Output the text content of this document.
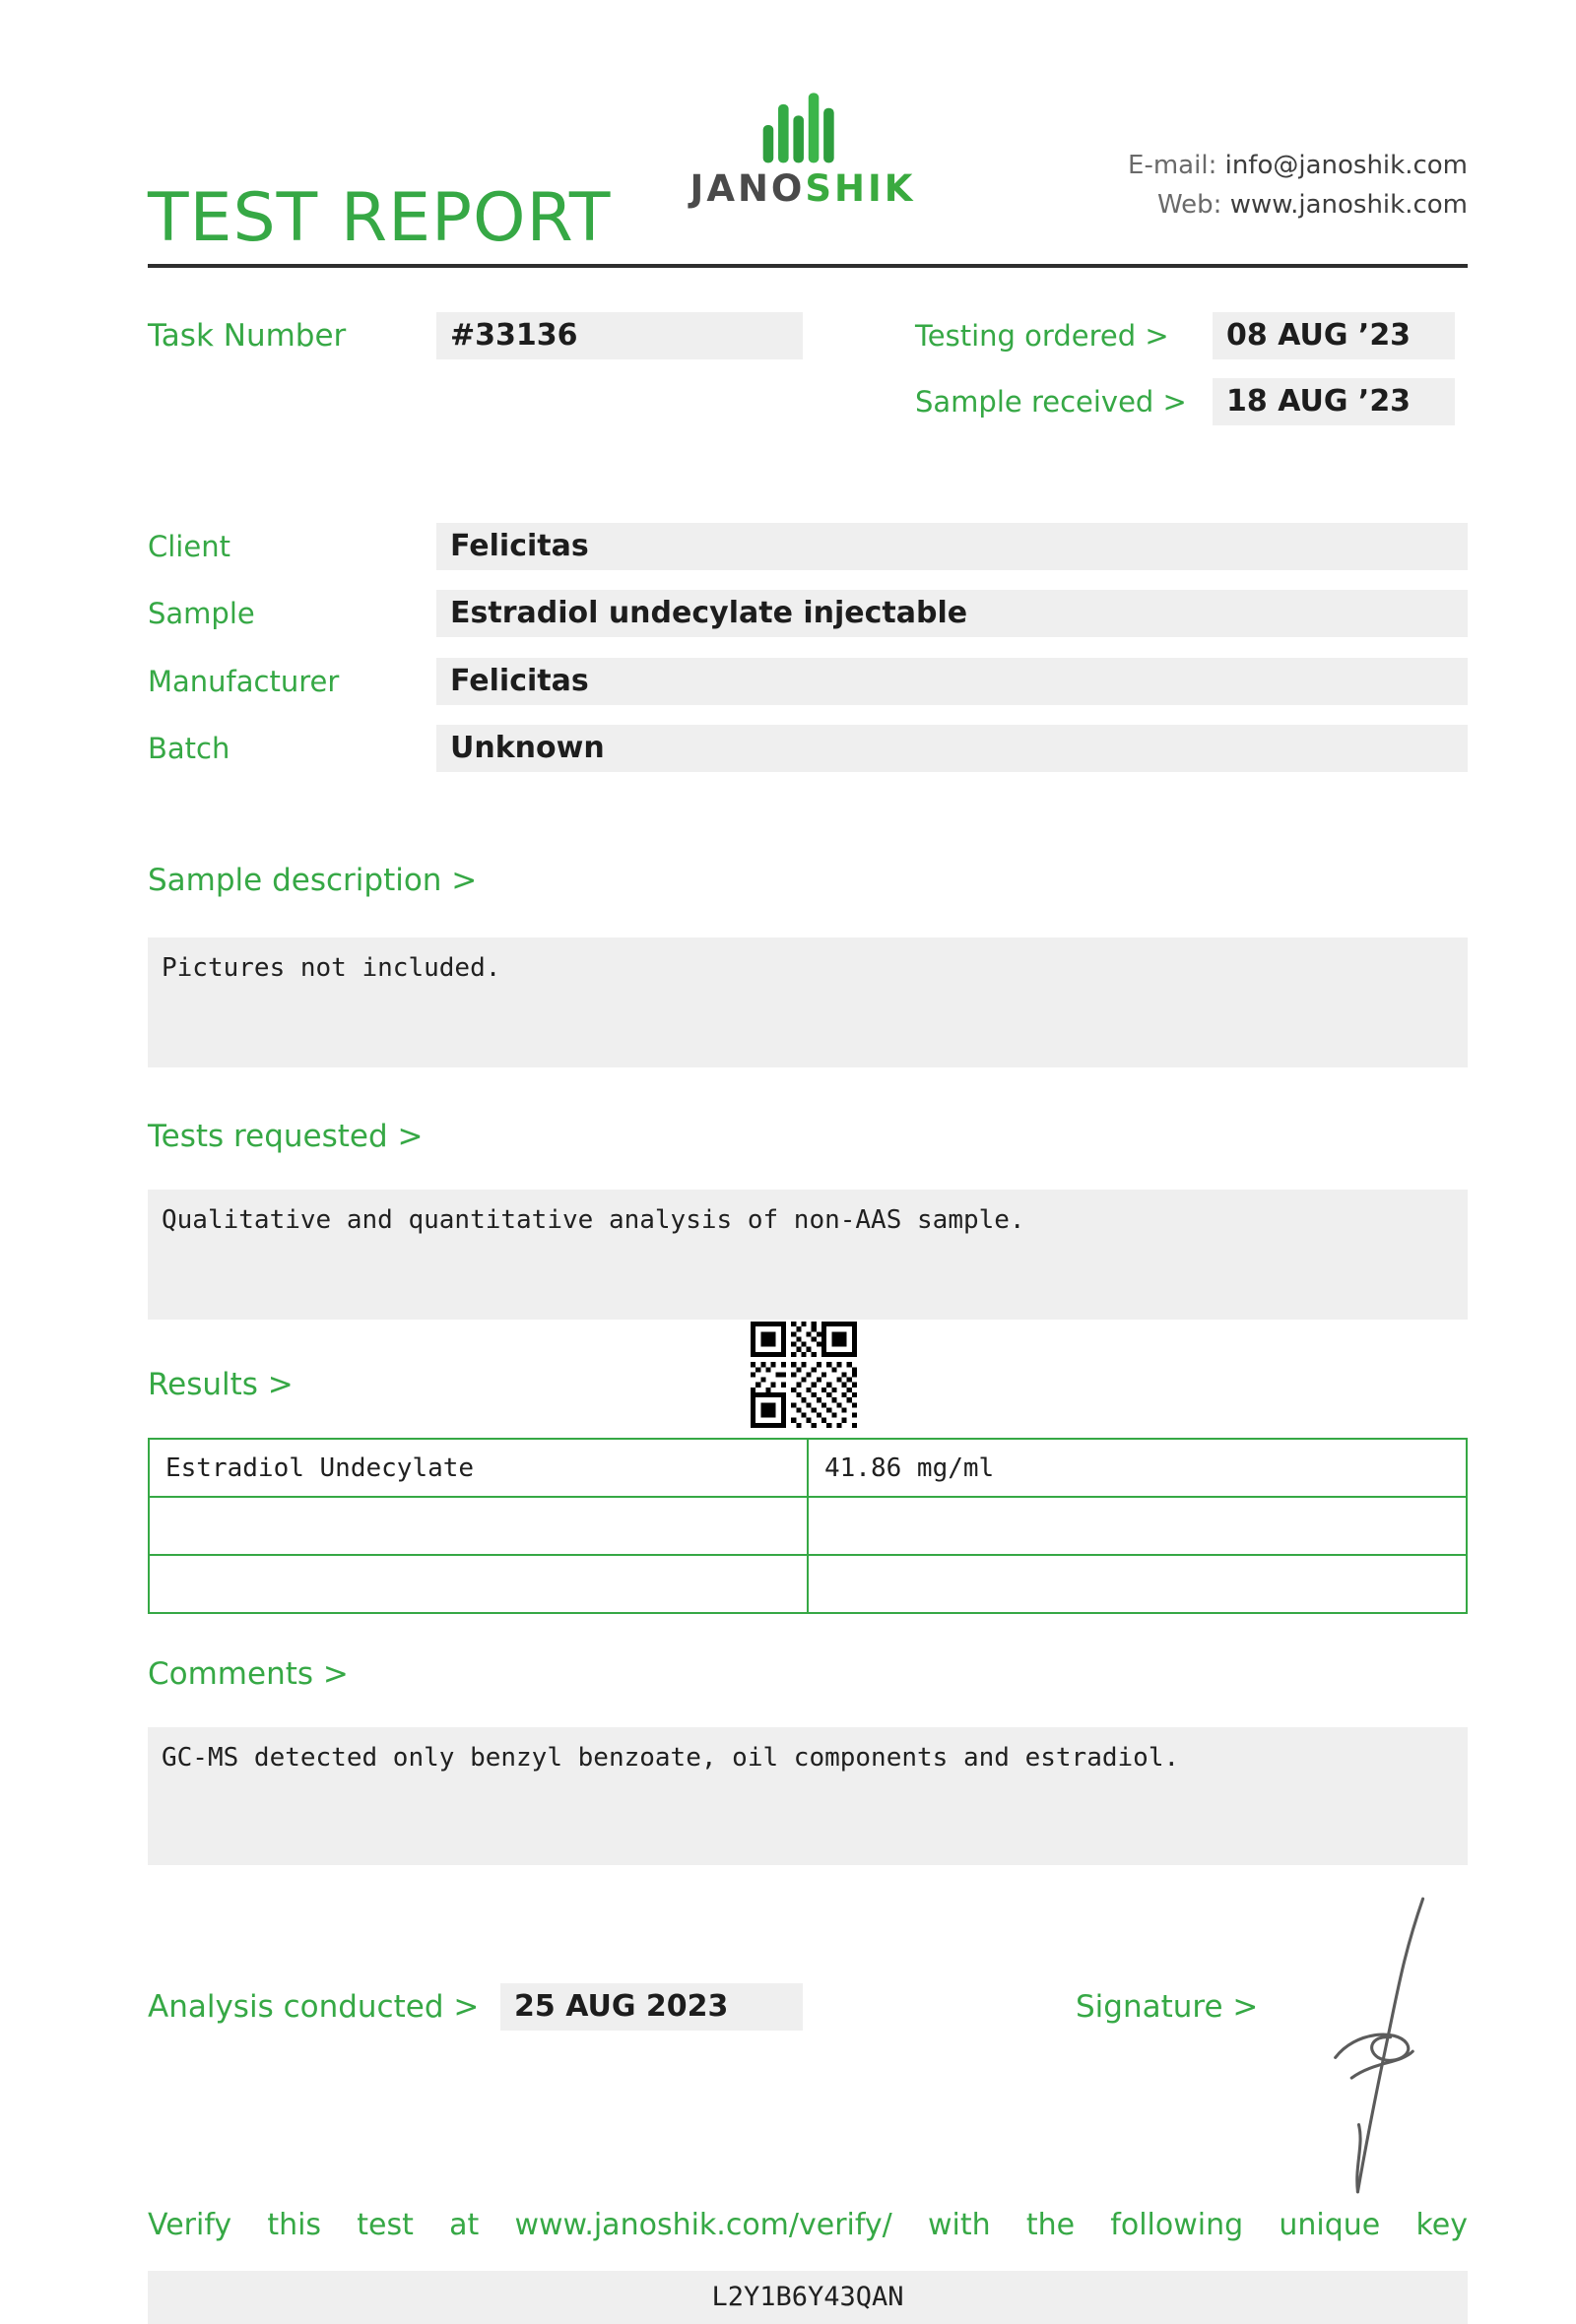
TEST REPORT JANOSHIK
E-mail: info@janoshik.com
Web: www.janoshik.com
Task Number	#33136	Testing ordered >	08 AUG ’23
Sample received >	18 AUG ’23
Client	Felicitas
Sample	Estradiol undecylate injectable
Manufacturer	Felicitas
Batch	Unknown
Sample description >
Pictures not included.
Tests requested >
Qualitative and quantitative analysis of non-AAS sample.
Results >
Estradiol Undecylate	41.86 mg/ml

Comments >
GC-MS detected only benzyl benzoate, oil components and estradiol.
Analysis conducted >	25 AUG 2023	Signature >
Verify this test at www.janoshik.com/verify/ with the following unique key
L2Y1B6Y43QAN
